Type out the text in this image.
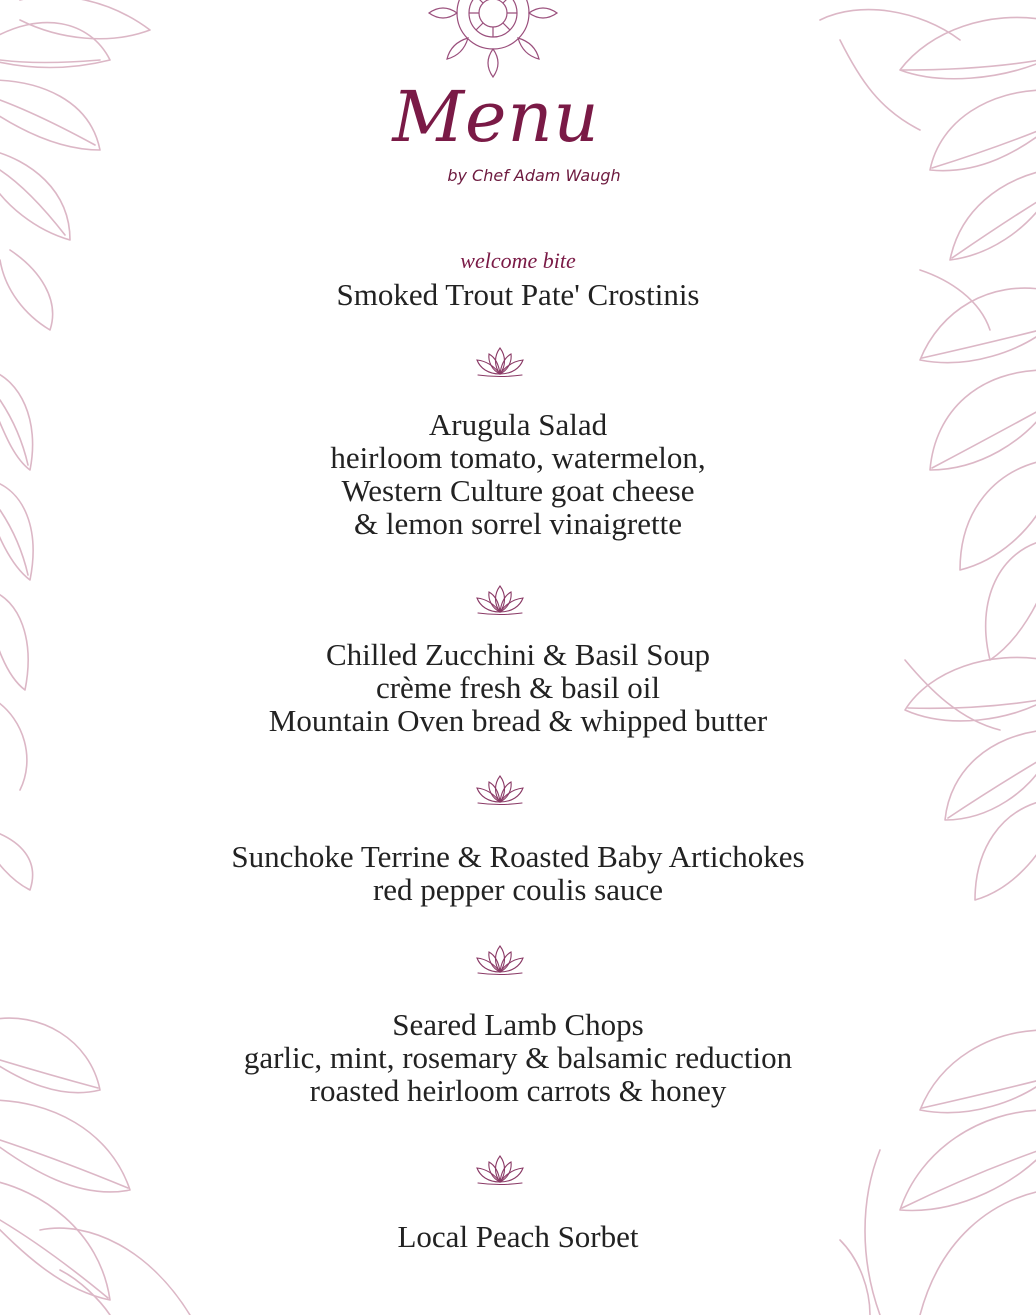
Menu
by Chef Adam Waugh
welcome bite
Smoked Trout Pate' Crostinis
Arugula Salad
heirloom tomato, watermelon,
Western Culture goat cheese
& lemon sorrel vinaigrette
Chilled Zucchini & Basil Soup
crème fresh & basil oil
Mountain Oven bread & whipped butter
Sunchoke Terrine & Roasted Baby Artichokes
red pepper coulis sauce
Seared Lamb Chops
garlic, mint, rosemary & balsamic reduction
roasted heirloom carrots & honey
Local Peach Sorbet
